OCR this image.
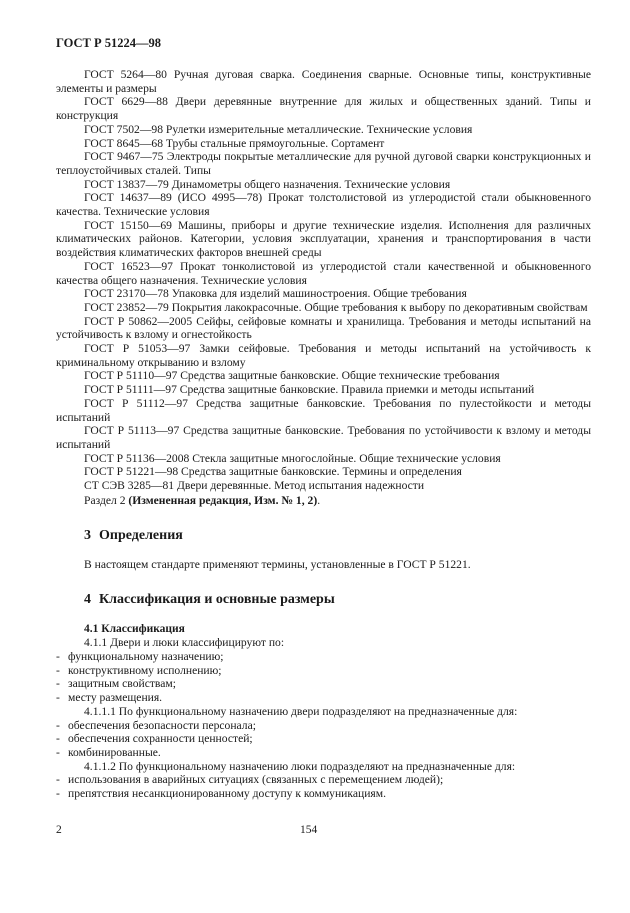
ГОСТ Р 51224—98
ГОСТ 5264—80 Ручная дуговая сварка. Соединения сварные. Основные типы, конструктивные элементы и размеры
ГОСТ 6629—88 Двери деревянные внутренние для жилых и общественных зданий. Типы и конструкция
ГОСТ 7502—98 Рулетки измерительные металлические. Технические условия
ГОСТ 8645—68 Трубы стальные прямоугольные. Сортамент
ГОСТ 9467—75 Электроды покрытые металлические для ручной дуговой сварки конструкционных и теплоустойчивых сталей. Типы
ГОСТ 13837—79 Динамометры общего назначения. Технические условия
ГОСТ 14637—89 (ИСО 4995—78) Прокат толстолистовой из углеродистой стали обыкновенного качества. Технические условия
ГОСТ 15150—69 Машины, приборы и другие технические изделия. Исполнения для различных климатических районов. Категории, условия эксплуатации, хранения и транспортирования в части воздействия климатических факторов внешней среды
ГОСТ 16523—97 Прокат тонколистовой из углеродистой стали качественной и обыкновенного качества общего назначения. Технические условия
ГОСТ 23170—78 Упаковка для изделий машиностроения. Общие требования
ГОСТ 23852—79 Покрытия лакокрасочные. Общие требования к выбору по декоративным свойствам
ГОСТ Р 50862—2005 Сейфы, сейфовые комнаты и хранилища. Требования и методы испытаний на устойчивость к взлому и огнестойкость
ГОСТ Р 51053—97 Замки сейфовые. Требования и методы испытаний на устойчивость к криминальному открыванию и взлому
ГОСТ Р 51110—97 Средства защитные банковские. Общие технические требования
ГОСТ Р 51111—97 Средства защитные банковские. Правила приемки и методы испытаний
ГОСТ Р 51112—97 Средства защитные банковские. Требования по пулестойкости и методы испытаний
ГОСТ Р 51113—97 Средства защитные банковские. Требования по устойчивости к взлому и методы испытаний
ГОСТ Р 51136—2008 Стекла защитные многослойные. Общие технические условия
ГОСТ Р 51221—98 Средства защитные банковские. Термины и определения
СТ СЭВ 3285—81 Двери деревянные. Метод испытания надежности
Раздел 2 (Измененная редакция, Изм. № 1, 2).
3 Определения
В настоящем стандарте применяют термины, установленные в ГОСТ Р 51221.
4 Классификация и основные размеры
4.1 Классификация
4.1.1 Двери и люки классифицируют по:
- функциональному назначению;
- конструктивному исполнению;
- защитным свойствам;
- месту размещения.
4.1.1.1 По функциональному назначению двери подразделяют на предназначенные для:
- обеспечения безопасности персонала;
- обеспечения сохранности ценностей;
- комбинированные.
4.1.1.2 По функциональному назначению люки подразделяют на предназначенные для:
- использования в аварийных ситуациях (связанных с перемещением людей);
- препятствия несанкционированному доступу к коммуникациям.
2	154
